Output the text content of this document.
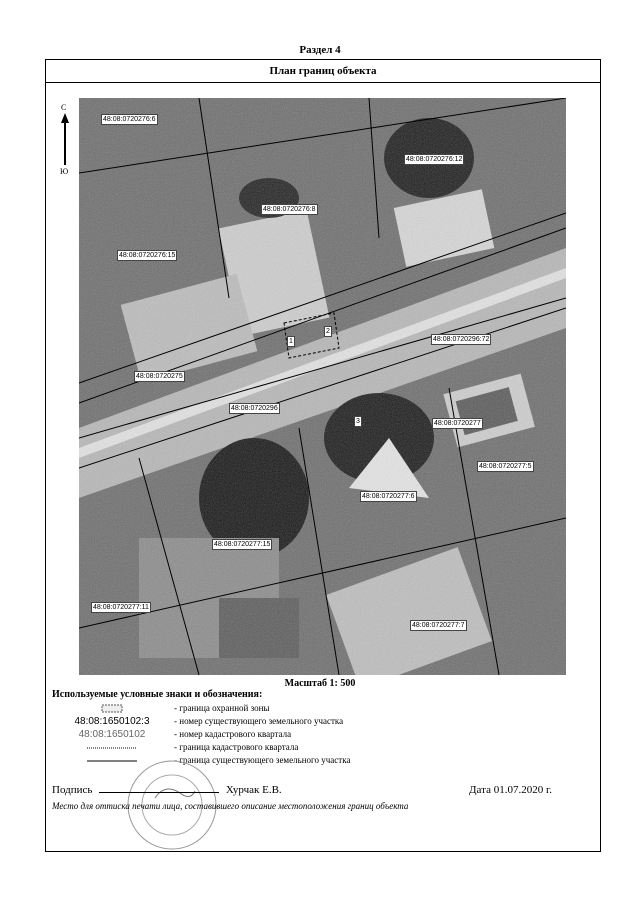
Раздел 4
План границ объекта
С
Ю
48:08:0720276:6
48:08:0720276:12
48:08:0720276:8
48:08:0720276:15
48:08:0720296:72
48:08:0720275
48:08:0720296
48:08:0720277
48:08:0720277:5
48:08:0720277:6
48:08:0720277:15
48:08:0720277:11
48:08:0720277:7
1
2
3
Масштаб 1: 500
Используемые условные знаки и обозначения:
- граница охранной зоны
48:08:1650102:3	- номер существующего земельного участка
48:08:1650102	- номер кадастрового квартала
- граница кадастрового квартала
- граница существующего земельного участка
Подпись	Хурчак Е.В.	Дата 01.07.2020 г.
Место для оттиска печати лица, составившего описание местоположения границ объекта
